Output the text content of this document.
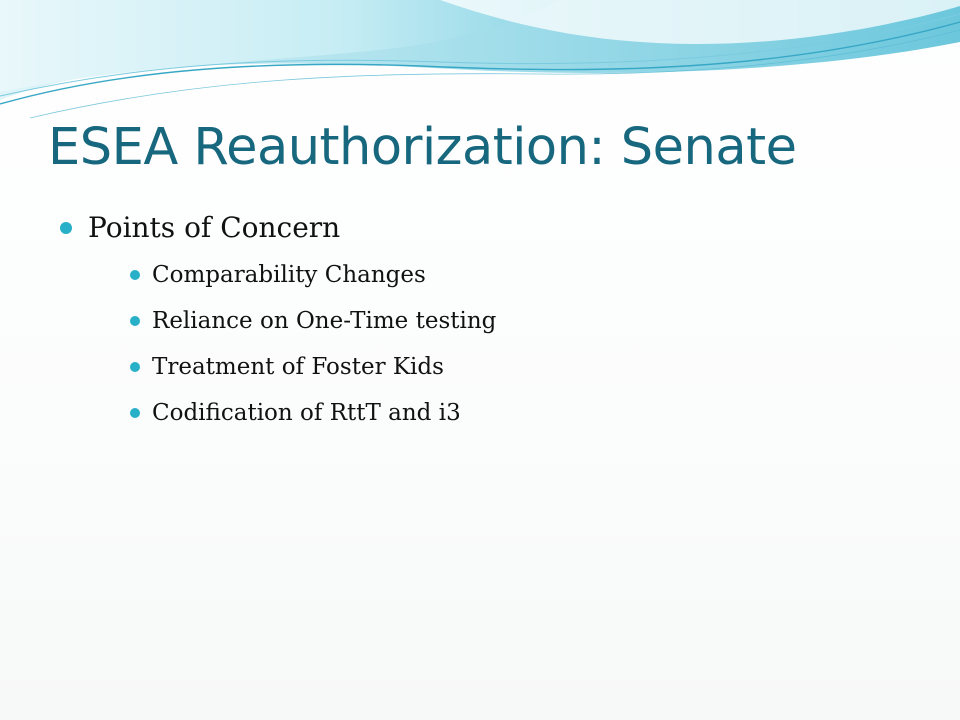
ESEA Reauthorization: Senate
Points of Concern
Comparability Changes
Reliance on One-Time testing
Treatment of Foster Kids
Codification of RttT and i3
